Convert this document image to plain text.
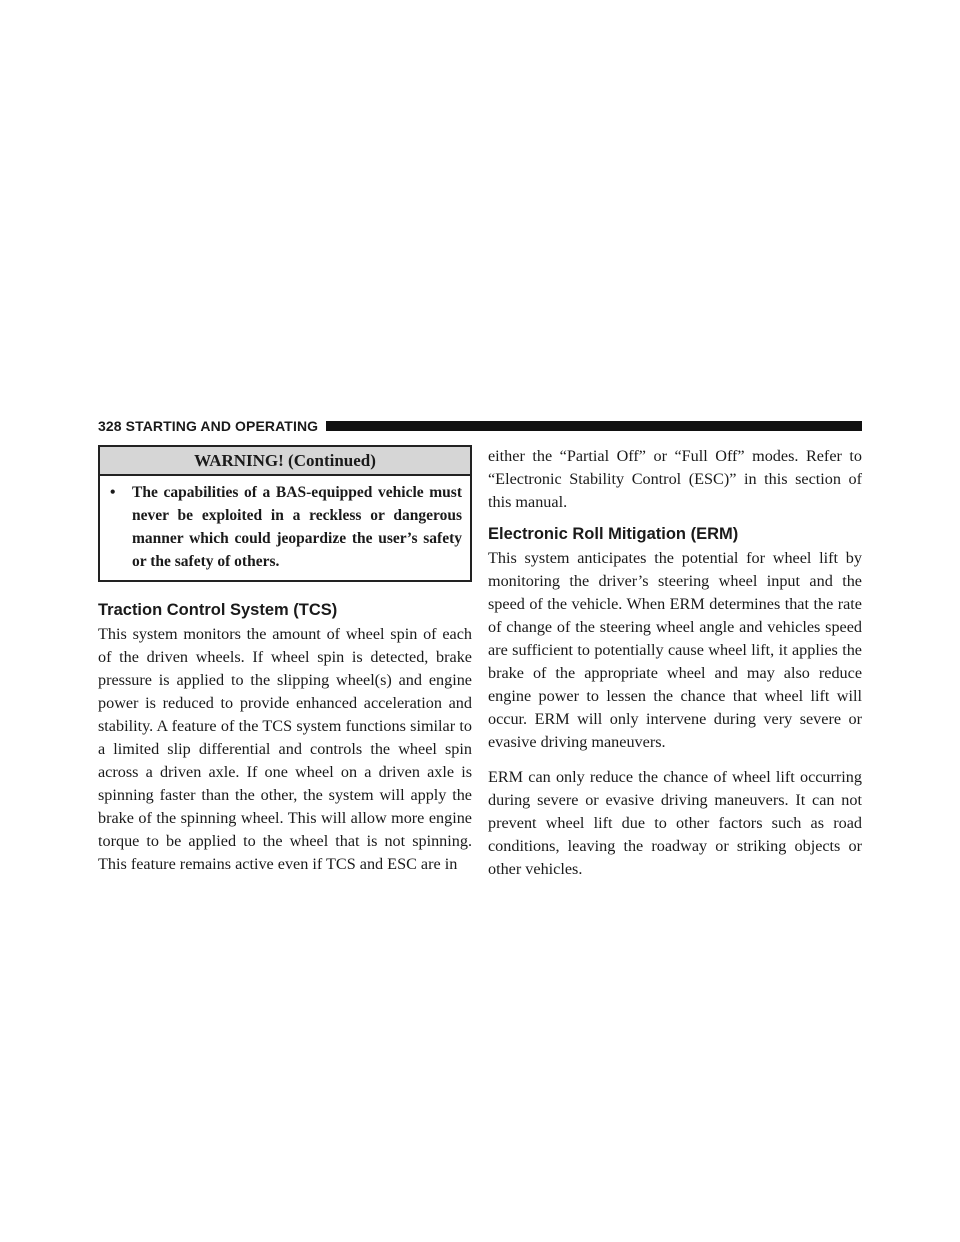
328 STARTING AND OPERATING
WARNING! (Continued)
•	The capabilities of a BAS-equipped vehicle must never be exploited in a reckless or dangerous manner which could jeopardize the user’s safety or the safety of others.
Traction Control System (TCS)

This system monitors the amount of wheel spin of each of the driven wheels. If wheel spin is detected, brake pressure is applied to the slipping wheel(s) and engine power is reduced to provide enhanced acceleration and stability. A feature of the TCS system functions similar to a limited slip differential and controls the wheel spin across a driven axle. If one wheel on a driven axle is spinning faster than the other, the system will apply the brake of the spinning wheel. This will allow more engine torque to be applied to the wheel that is not spinning. This feature remains active even if TCS and ESC are in

either the “Partial Off” or “Full Off” modes. Refer to “Electronic Stability Control (ESC)” in this section of this manual.

Electronic Roll Mitigation (ERM)

This system anticipates the potential for wheel lift by monitoring the driver’s steering wheel input and the speed of the vehicle. When ERM determines that the rate of change of the steering wheel angle and vehicles speed are sufficient to potentially cause wheel lift, it applies the brake of the appropriate wheel and may also reduce engine power to lessen the chance that wheel lift will occur. ERM will only intervene during very severe or evasive driving maneuvers.

ERM can only reduce the chance of wheel lift occurring during severe or evasive driving maneuvers. It can not prevent wheel lift due to other factors such as road conditions, leaving the roadway or striking objects or other vehicles.
